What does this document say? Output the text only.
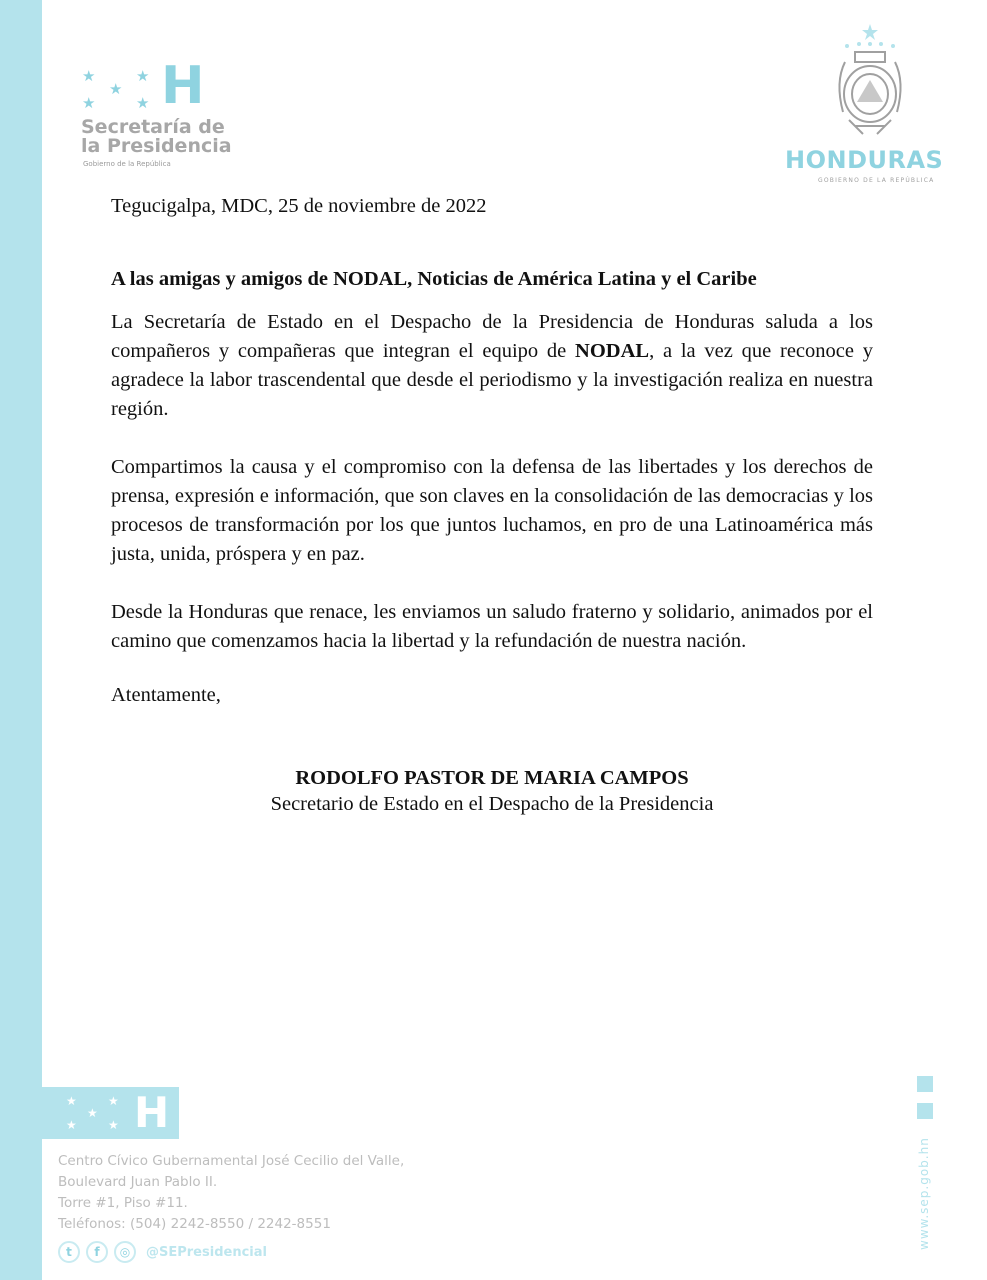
★	★
★
★	★ H
Secretaría de
la Presidencia
Gobierno de la República	HONDURAS
GOBIERNO DE LA REPÚBLICA

Tegucigalpa, MDC, 25 de noviembre de 2022

A las amigas y amigos de NODAL, Noticias de América Latina y el Caribe

La Secretaría de Estado en el Despacho de la Presidencia de Honduras saluda a los compañeros y compañeras que integran el equipo de NODAL, a la vez que reconoce y agradece la labor trascendental que desde el periodismo y la investigación realiza en nuestra región.

Compartimos la causa y el compromiso con la defensa de las libertades y los derechos de prensa, expresión e información, que son claves en la consolidación de las democracias y los procesos de transformación por los que juntos luchamos, en pro de una Latinoamérica más justa, unida, próspera y en paz.

Desde la Honduras que renace, les enviamos un saludo fraterno y solidario, animados por el camino que comenzamos hacia la libertad y la refundación de nuestra nación.

Atentamente,

RODOLFO PASTOR DE MARIA CAMPOS
Secretario de Estado en el Despacho de la Presidencia
★	★
★
★	★ H
Centro Cívico Gubernamental José Cecilio del Valle,
Boulevard Juan Pablo II.
Torre #1, Piso #11.
Teléfonos: (504) 2242-8550 / 2242-8551
t	f	◎	@SEPresidencial
www.sep.gob.hn
